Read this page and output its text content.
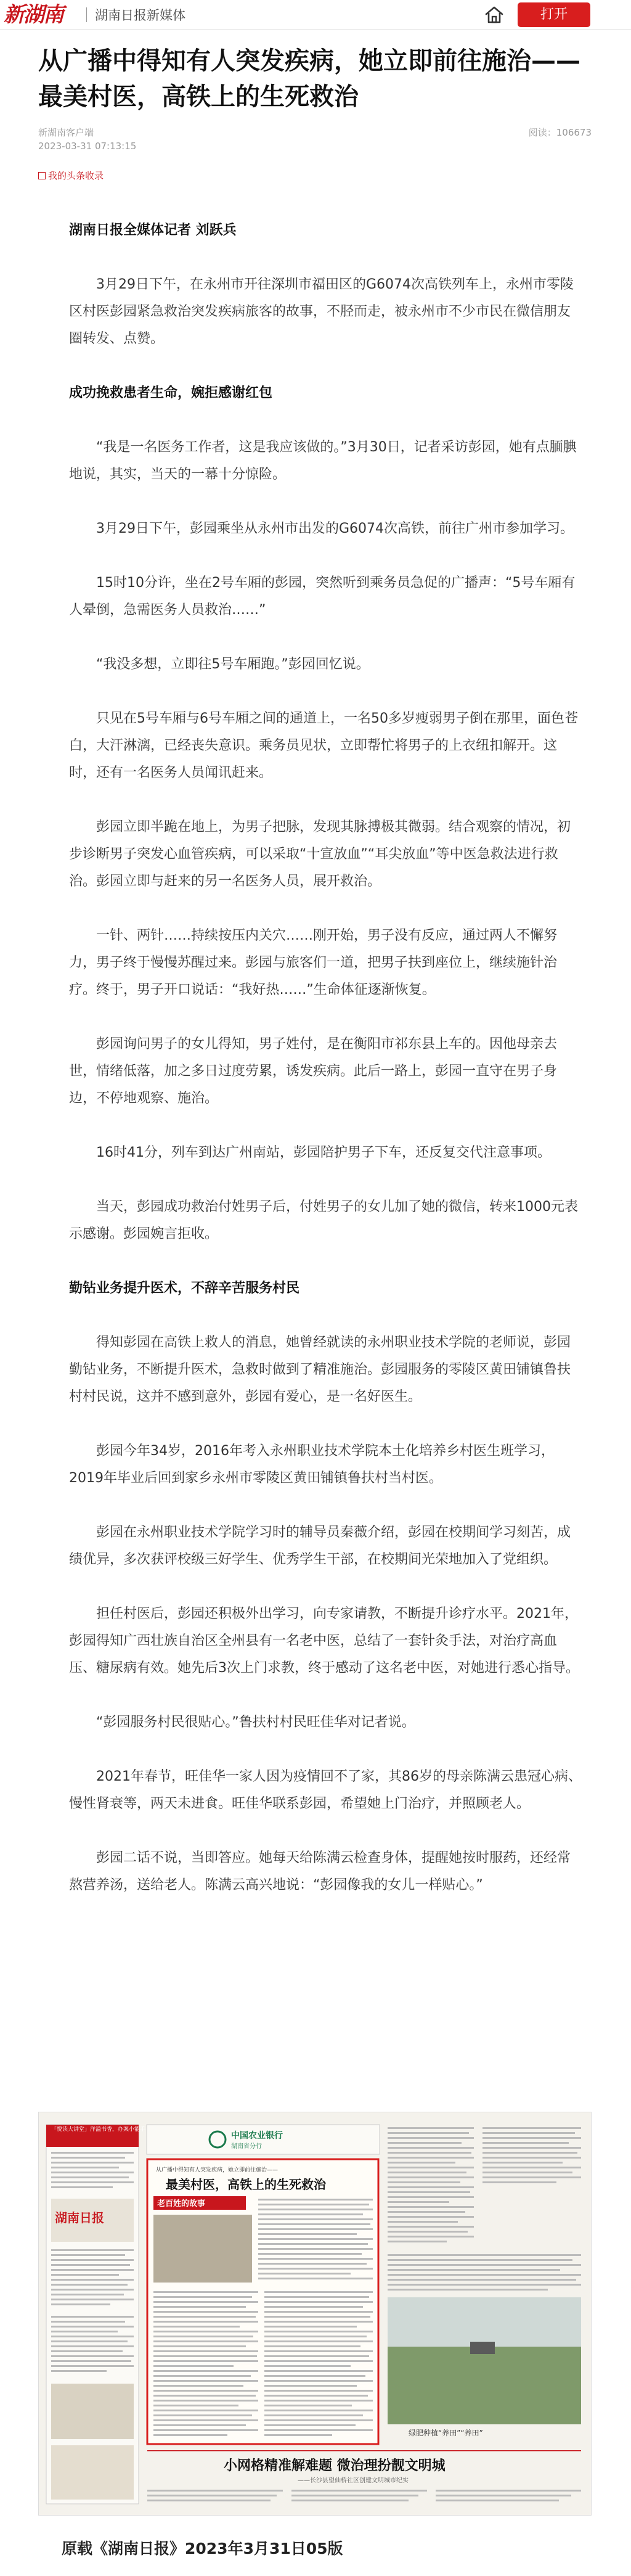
新湖南 湖南日报新媒体	打开
从广播中得知有人突发疾病，她立即前往施治——最美村医，高铁上的生死救治
新湖南客户端
2023-03-31 07:13:15
阅读：106673
我的头条收录

湖南日报全媒体记者 刘跃兵

3月29日下午，在永州市开往深圳市福田区的G6074次高铁列车上，永州市零陵区村医彭园紧急救治突发疾病旅客的故事，不胫而走，被永州市不少市民在微信朋友圈转发、点赞。

成功挽救患者生命，婉拒感谢红包

“我是一名医务工作者，这是我应该做的。”3月30日，记者采访彭园，她有点腼腆地说，其实，当天的一幕十分惊险。

3月29日下午，彭园乘坐从永州市出发的G6074次高铁，前往广州市参加学习。

15时10分许，坐在2号车厢的彭园，突然听到乘务员急促的广播声：“5号车厢有人晕倒，急需医务人员救治……”

“我没多想，立即往5号车厢跑。”彭园回忆说。

只见在5号车厢与6号车厢之间的通道上，一名50多岁瘦弱男子倒在那里，面色苍白，大汗淋漓，已经丧失意识。乘务员见状，立即帮忙将男子的上衣纽扣解开。这时，还有一名医务人员闻讯赶来。

彭园立即半跪在地上，为男子把脉，发现其脉搏极其微弱。结合观察的情况，初步诊断男子突发心血管疾病，可以采取“十宣放血”“耳尖放血”等中医急救法进行救治。彭园立即与赶来的另一名医务人员，展开救治。

一针、两针……持续按压内关穴……刚开始，男子没有反应，通过两人不懈努力，男子终于慢慢苏醒过来。彭园与旅客们一道，把男子扶到座位上，继续施针治疗。终于，男子开口说话：“我好热……”生命体征逐渐恢复。

彭园询问男子的女儿得知，男子姓付，是在衡阳市祁东县上车的。因他母亲去世，情绪低落，加之多日过度劳累，诱发疾病。此后一路上，彭园一直守在男子身边，不停地观察、施治。

16时41分，列车到达广州南站，彭园陪护男子下车，还反复交代注意事项。

当天，彭园成功救治付姓男子后，付姓男子的女儿加了她的微信，转来1000元表示感谢。彭园婉言拒收。

勤钻业务提升医术，不辞辛苦服务村民

得知彭园在高铁上救人的消息，她曾经就读的永州职业技术学院的老师说，彭园勤钻业务，不断提升医术，急救时做到了精准施治。彭园服务的零陵区黄田铺镇鲁扶村村民说，这并不感到意外，彭园有爱心，是一名好医生。

彭园今年34岁，2016年考入永州职业技术学院本土化培养乡村医生班学习，2019年毕业后回到家乡永州市零陵区黄田铺镇鲁扶村当村医。

彭园在永州职业技术学院学习时的辅导员秦薇介绍，彭园在校期间学习刻苦，成绩优异，多次获评校级三好学生、优秀学生干部，在校期间光荣地加入了党组织。

担任村医后，彭园还积极外出学习，向专家请教，不断提升诊疗水平。2021年，彭园得知广西壮族自治区全州县有一名老中医，总结了一套针灸手法，对治疗高血压、糖尿病有效。她先后3次上门求教，终于感动了这名老中医，对她进行悉心指导。

“彭园服务村民很贴心。”鲁扶村村民旺佳华对记者说。

2021年春节，旺佳华一家人因为疫情回不了家，其86岁的母亲陈满云患冠心病、慢性肾衰等，两天未进食。旺佳华联系彭园，希望她上门治疗，并照顾老人。

彭园二话不说，当即答应。她每天给陈满云检查身体，提醒她按时服药，还经常熬营养汤，送给老人。陈满云高兴地说：“彭园像我的女儿一样贴心。”

「悦读大讲堂」洋溢书香，办案小能手
湖南日报
中国农业银行
湖南省分行
从广播中得知有人突发疾病，她立即前往施治——
最美村医，高铁上的生死救治
老百姓的故事
绿肥种植“养田”“养田”
小网格精准解难题 微治理扮靓文明城
——长沙县望仙桥社区创建文明城市纪实
原载《湖南日报》2023年3月31日05版
